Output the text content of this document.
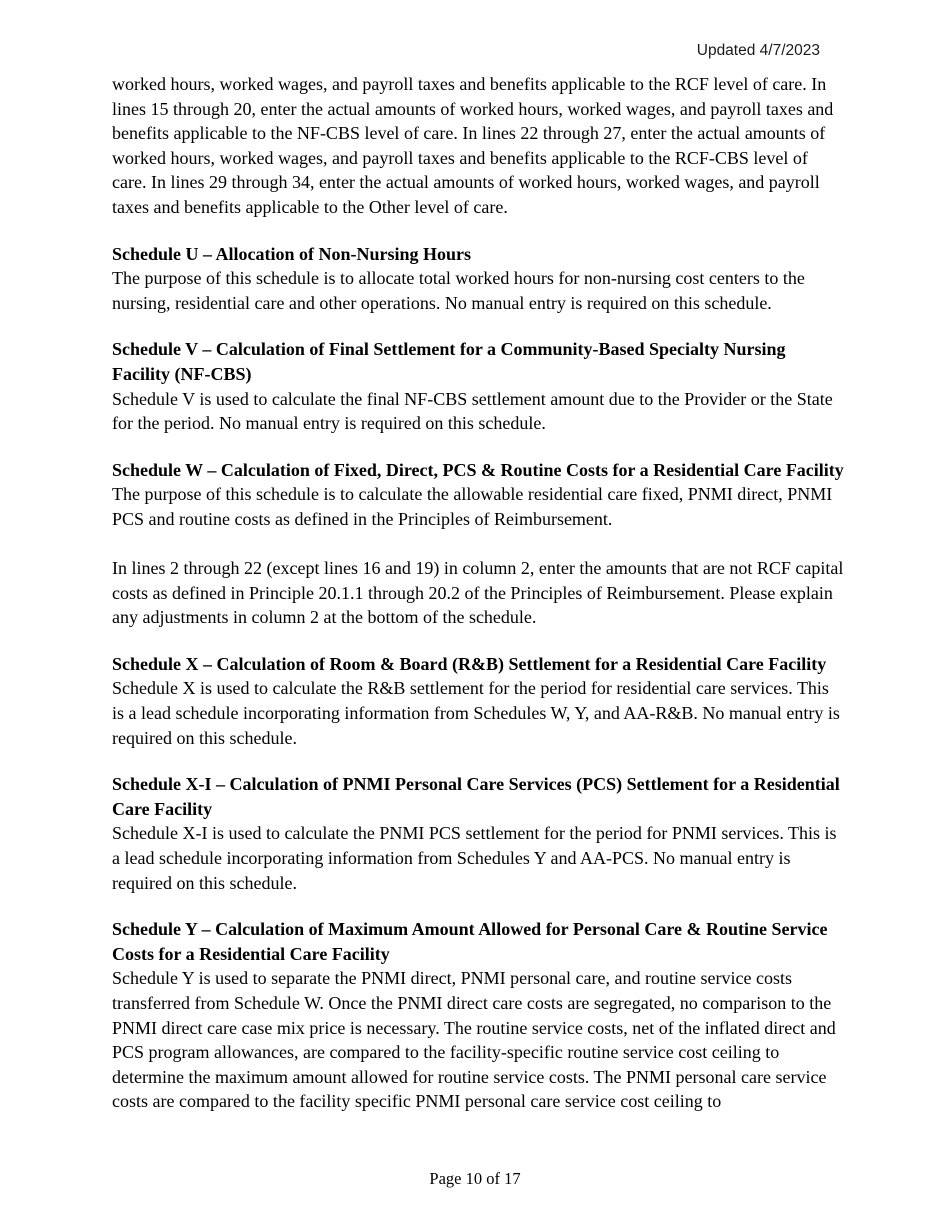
Updated 4/7/2023

worked hours, worked wages, and payroll taxes and benefits applicable to the RCF level of care. In lines 15 through 20, enter the actual amounts of worked hours, worked wages, and payroll taxes and benefits applicable to the NF-CBS level of care. In lines 22 through 27, enter the actual amounts of worked hours, worked wages, and payroll taxes and benefits applicable to the RCF-CBS level of care. In lines 29 through 34, enter the actual amounts of worked hours, worked wages, and payroll taxes and benefits applicable to the Other level of care.

Schedule U – Allocation of Non-Nursing Hours

The purpose of this schedule is to allocate total worked hours for non-nursing cost centers to the nursing, residential care and other operations. No manual entry is required on this schedule.

Schedule V – Calculation of Final Settlement for a Community-Based Specialty Nursing Facility (NF-CBS)

Schedule V is used to calculate the final NF-CBS settlement amount due to the Provider or the State for the period. No manual entry is required on this schedule.

Schedule W – Calculation of Fixed, Direct, PCS & Routine Costs for a Residential Care Facility

The purpose of this schedule is to calculate the allowable residential care fixed, PNMI direct, PNMI PCS and routine costs as defined in the Principles of Reimbursement.

In lines 2 through 22 (except lines 16 and 19) in column 2, enter the amounts that are not RCF capital costs as defined in Principle 20.1.1 through 20.2 of the Principles of Reimbursement. Please explain any adjustments in column 2 at the bottom of the schedule.

Schedule X – Calculation of Room & Board (R&B) Settlement for a Residential Care Facility

Schedule X is used to calculate the R&B settlement for the period for residential care services. This is a lead schedule incorporating information from Schedules W, Y, and AA-R&B. No manual entry is required on this schedule.

Schedule X-I – Calculation of PNMI Personal Care Services (PCS) Settlement for a Residential Care Facility

Schedule X-I is used to calculate the PNMI PCS settlement for the period for PNMI services. This is a lead schedule incorporating information from Schedules Y and AA-PCS. No manual entry is required on this schedule.

Schedule Y – Calculation of Maximum Amount Allowed for Personal Care & Routine Service Costs for a Residential Care Facility

Schedule Y is used to separate the PNMI direct, PNMI personal care, and routine service costs transferred from Schedule W. Once the PNMI direct care costs are segregated, no comparison to the PNMI direct care case mix price is necessary. The routine service costs, net of the inflated direct and PCS program allowances, are compared to the facility-specific routine service cost ceiling to determine the maximum amount allowed for routine service costs. The PNMI personal care service costs are compared to the facility specific PNMI personal care service cost ceiling to

Page 10 of 17
